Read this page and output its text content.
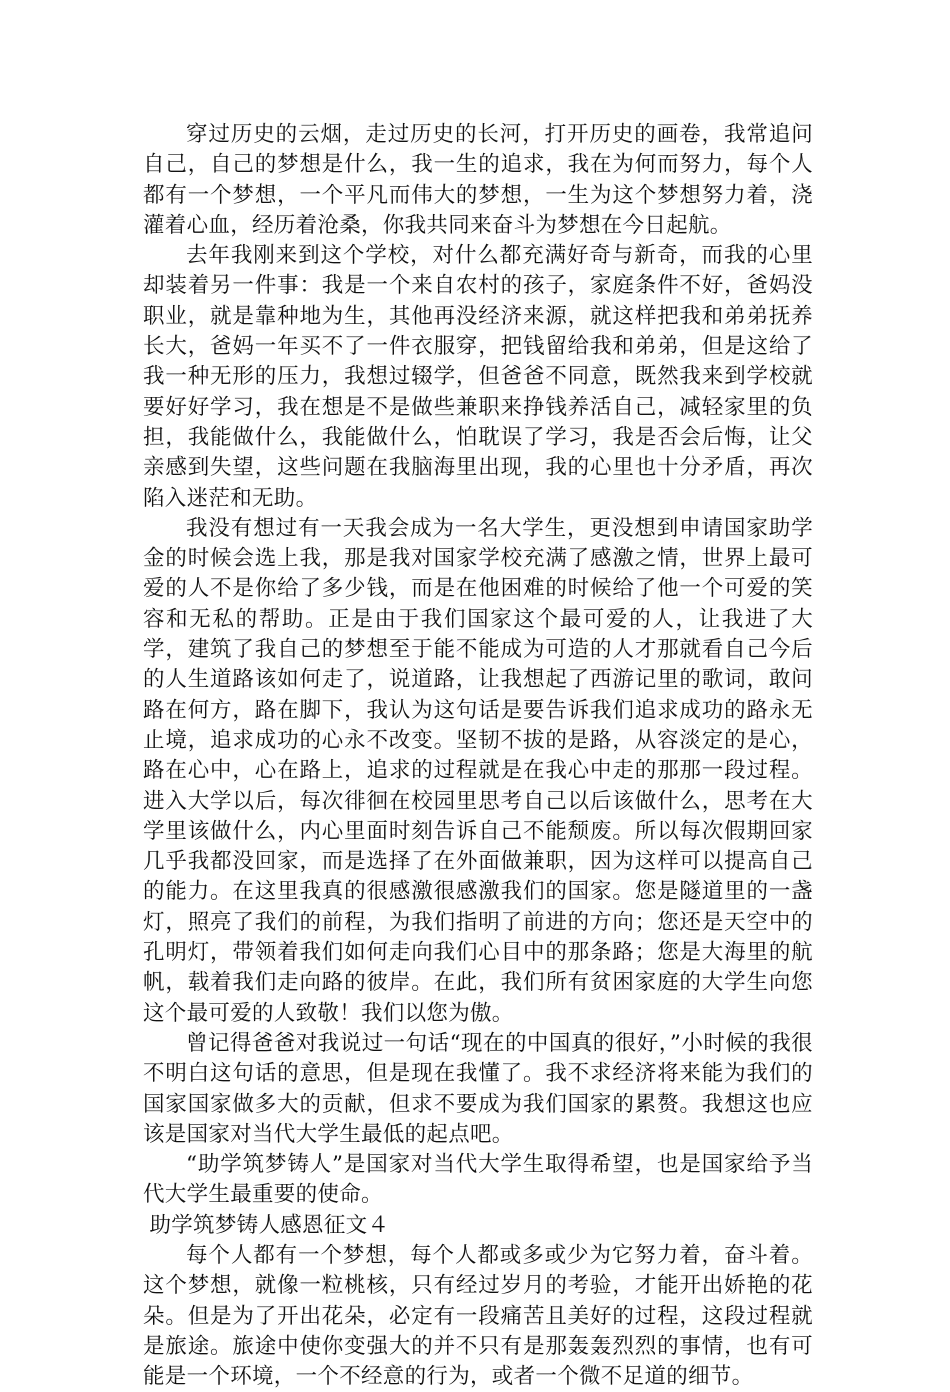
穿过历史的云烟，走过历史的长河，打开历史的画卷，我常追问自己，自己的梦想是什么，我一生的追求，我在为何而努力，每个人都有一个梦想，一个平凡而伟大的梦想，一生为这个梦想努力着，浇灌着心血，经历着沧桑，你我共同来奋斗为梦想在今日起航。

去年我刚来到这个学校，对什么都充满好奇与新奇，而我的心里却装着另一件事：我是一个来自农村的孩子，家庭条件不好，爸妈没职业，就是靠种地为生，其他再没经济来源，就这样把我和弟弟抚养长大，爸妈一年买不了一件衣服穿，把钱留给我和弟弟，但是这给了我一种无形的压力，我想过辍学，但爸爸不同意，既然我来到学校就要好好学习，我在想是不是做些兼职来挣钱养活自己，减轻家里的负担，我能做什么，我能做什么，怕耽误了学习，我是否会后悔，让父亲感到失望，这些问题在我脑海里出现，我的心里也十分矛盾，再次陷入迷茫和无助。

我没有想过有一天我会成为一名大学生，更没想到申请国家助学金的时候会选上我，那是我对国家学校充满了感激之情，世界上最可爱的人不是你给了多少钱，而是在他困难的时候给了他一个可爱的笑容和无私的帮助。正是由于我们国家这个最可爱的人，让我进了大学，建筑了我自己的梦想至于能不能成为可造的人才那就看自己今后的人生道路该如何走了，说道路，让我想起了西游记里的歌词，敢问路在何方，路在脚下，我认为这句话是要告诉我们追求成功的路永无止境，追求成功的心永不改变。坚韧不拔的是路，从容淡定的是心，路在心中，心在路上，追求的过程就是在我心中走的那那一段过程。进入大学以后，每次徘徊在校园里思考自己以后该做什么，思考在大学里该做什么，内心里面时刻告诉自己不能颓废。所以每次假期回家几乎我都没回家，而是选择了在外面做兼职，因为这样可以提高自己的能力。在这里我真的很感激很感激我们的国家。您是隧道里的一盏灯，照亮了我们的前程，为我们指明了前进的方向；您还是天空中的孔明灯，带领着我们如何走向我们心目中的那条路；您是大海里的航帆，载着我们走向路的彼岸。在此，我们所有贫困家庭的大学生向您这个最可爱的人致敬！我们以您为傲。

曾记得爸爸对我说过一句话“现在的中国真的很好，”小时候的我很不明白这句话的意思，但是现在我懂了。我不求经济将来能为我们的国家国家做多大的贡献，但求不要成为我们国家的累赘。我想这也应该是国家对当代大学生最低的起点吧。

“助学筑梦铸人”是国家对当代大学生取得希望，也是国家给予当代大学生最重要的使命。

助学筑梦铸人感恩征文４

每个人都有一个梦想，每个人都或多或少为它努力着，奋斗着。这个梦想，就像一粒桃核，只有经过岁月的考验，才能开出娇艳的花朵。但是为了开出花朵，必定有一段痛苦且美好的过程，这段过程就是旅途。旅途中使你变强大的并不只有是那轰轰烈烈的事情，也有可能是一个环境，一个不经意的行为，或者一个微不足道的细节。
